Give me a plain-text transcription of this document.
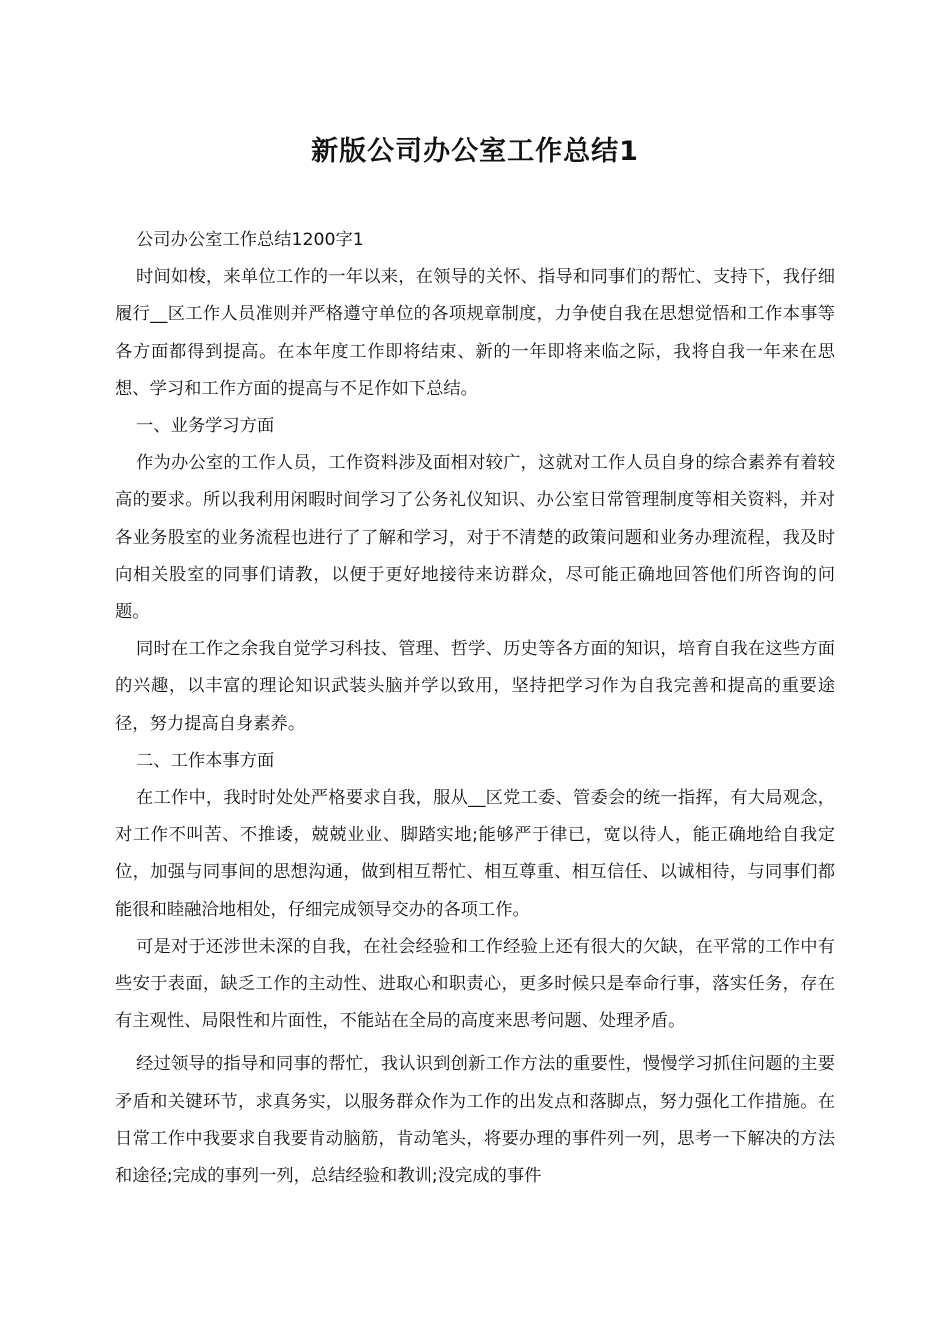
新版公司办公室工作总结1

公司办公室工作总结1200字1

时间如梭，来单位工作的一年以来，在领导的关怀、指导和同事们的帮忙、支持下，我仔细履行__区工作人员准则并严格遵守单位的各项规章制度，力争使自我在思想觉悟和工作本事等各方面都得到提高。在本年度工作即将结束、新的一年即将来临之际，我将自我一年来在思想、学习和工作方面的提高与不足作如下总结。

一、业务学习方面

作为办公室的工作人员，工作资料涉及面相对较广，这就对工作人员自身的综合素养有着较高的要求。所以我利用闲暇时间学习了公务礼仪知识、办公室日常管理制度等相关资料，并对各业务股室的业务流程也进行了了解和学习，对于不清楚的政策问题和业务办理流程，我及时向相关股室的同事们请教，以便于更好地接待来访群众，尽可能正确地回答他们所咨询的问题。

同时在工作之余我自觉学习科技、管理、哲学、历史等各方面的知识，培育自我在这些方面的兴趣，以丰富的理论知识武装头脑并学以致用，坚持把学习作为自我完善和提高的重要途径，努力提高自身素养。

二、工作本事方面

在工作中，我时时处处严格要求自我，服从__区党工委、管委会的统一指挥，有大局观念，对工作不叫苦、不推诿，兢兢业业、脚踏实地;能够严于律已，宽以待人，能正确地给自我定位，加强与同事间的思想沟通，做到相互帮忙、相互尊重、相互信任、以诚相待，与同事们都能很和睦融洽地相处，仔细完成领导交办的各项工作。

可是对于还涉世未深的自我，在社会经验和工作经验上还有很大的欠缺，在平常的工作中有些安于表面，缺乏工作的主动性、进取心和职责心，更多时候只是奉命行事，落实任务，存在有主观性、局限性和片面性，不能站在全局的高度来思考问题、处理矛盾。

经过领导的指导和同事的帮忙，我认识到创新工作方法的重要性，慢慢学习抓住问题的主要矛盾和关键环节，求真务实，以服务群众作为工作的出发点和落脚点，努力强化工作措施。在日常工作中我要求自我要肯动脑筋，肯动笔头，将要办理的事件列一列，思考一下解决的方法和途径;完成的事列一列，总结经验和教训;没完成的事件
